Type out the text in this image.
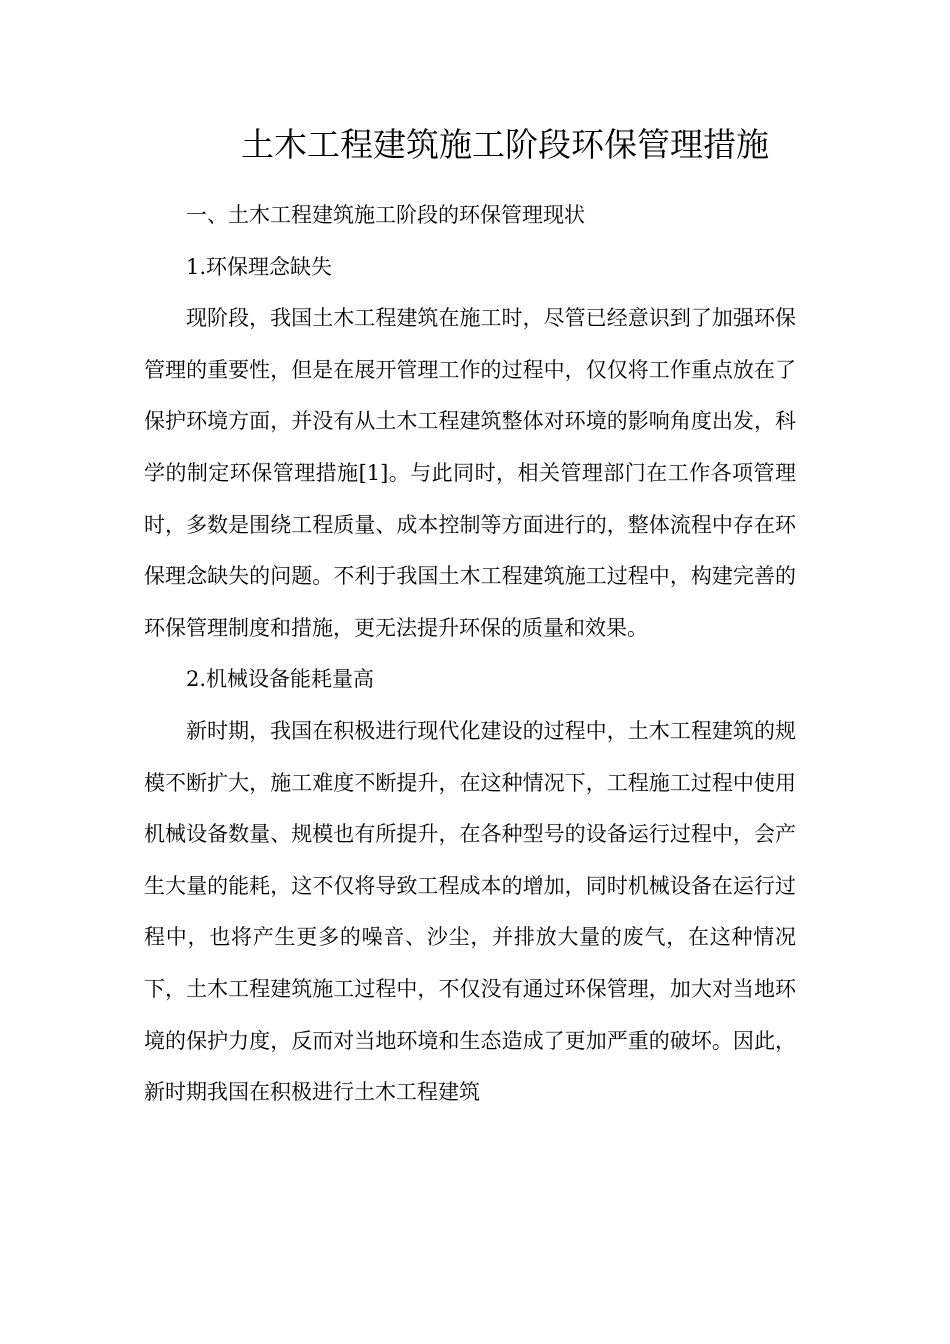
土木工程建筑施工阶段环保管理措施

一、土木工程建筑施工阶段的环保管理现状

1.环保理念缺失

现阶段，我国土木工程建筑在施工时，尽管已经意识到了加强环保管理的重要性，但是在展开管理工作的过程中，仅仅将工作重点放在了保护环境方面，并没有从土木工程建筑整体对环境的影响角度出发，科学的制定环保管理措施[1]。与此同时，相关管理部门在工作各项管理时，多数是围绕工程质量、成本控制等方面进行的，整体流程中存在环保理念缺失的问题。不利于我国土木工程建筑施工过程中，构建完善的环保管理制度和措施，更无法提升环保的质量和效果。

2.机械设备能耗量高

新时期，我国在积极进行现代化建设的过程中，土木工程建筑的规模不断扩大，施工难度不断提升，在这种情况下，工程施工过程中使用机械设备数量、规模也有所提升，在各种型号的设备运行过程中，会产生大量的能耗，这不仅将导致工程成本的增加，同时机械设备在运行过程中，也将产生更多的噪音、沙尘，并排放大量的废气，在这种情况下，土木工程建筑施工过程中，不仅没有通过环保管理，加大对当地环境的保护力度，反而对当地环境和生态造成了更加严重的破坏。因此，新时期我国在积极进行土木工程建筑
